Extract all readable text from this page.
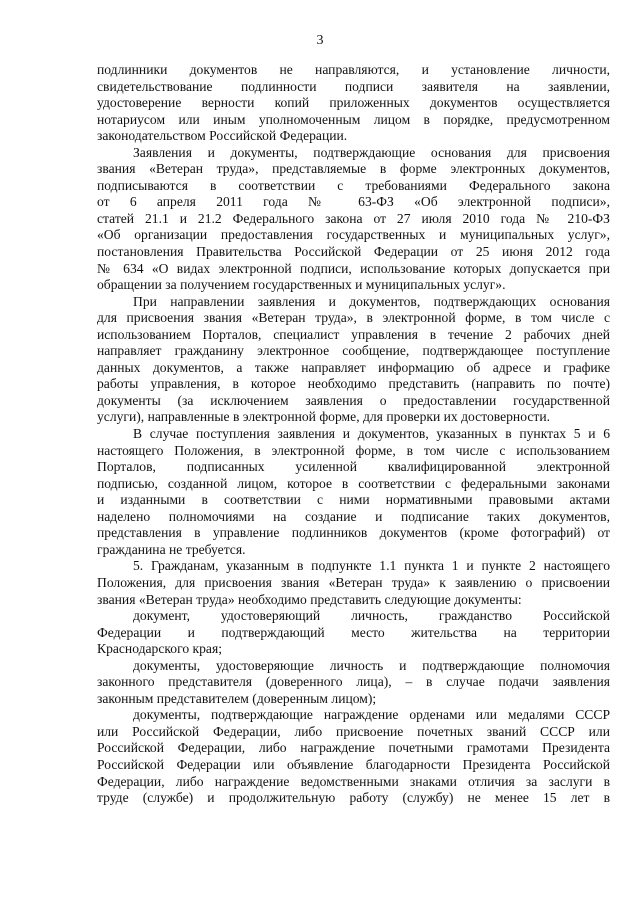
3
подлинники документов не направляются, и установление личности,
свидетельствование подлинности подписи заявителя на заявлении,
удостоверение верности копий приложенных документов осуществляется
нотариусом или иным уполномоченным лицом в порядке, предусмотренном
законодательством Российской Федерации.
Заявления и документы, подтверждающие основания для присвоения
звания «Ветеран труда», представляемые в форме электронных документов,
подписываются в соответствии с требованиями Федерального закона
от 6 апреля 2011 года № 63-ФЗ «Об электронной подписи»,
статей 21.1 и 21.2 Федерального закона от 27 июля 2010 года № 210-ФЗ
«Об организации предоставления государственных и муниципальных услуг»,
постановления Правительства Российской Федерации от 25 июня 2012 года
№ 634 «О видах электронной подписи, использование которых допускается при
обращении за получением государственных и муниципальных услуг».
При направлении заявления и документов, подтверждающих основания
для присвоения звания «Ветеран труда», в электронной форме, в том числе с
использованием Порталов, специалист управления в течение 2 рабочих дней
направляет гражданину электронное сообщение, подтверждающее поступление
данных документов, а также направляет информацию об адресе и графике
работы управления, в которое необходимо представить (направить по почте)
документы (за исключением заявления о предоставлении государственной
услуги), направленные в электронной форме, для проверки их достоверности.
В случае поступления заявления и документов, указанных в пунктах 5 и 6
настоящего Положения, в электронной форме, в том числе с использованием
Порталов, подписанных усиленной квалифицированной электронной
подписью, созданной лицом, которое в соответствии с федеральными законами
и изданными в соответствии с ними нормативными правовыми актами
наделено полномочиями на создание и подписание таких документов,
представления в управление подлинников документов (кроме фотографий) от
гражданина не требуется.
5. Гражданам, указанным в подпункте 1.1 пункта 1 и пункте 2 настоящего
Положения, для присвоения звания «Ветеран труда» к заявлению о присвоении
звания «Ветеран труда» необходимо представить следующие документы:
документ, удостоверяющий личность, гражданство Российской
Федерации и подтверждающий место жительства на территории
Краснодарского края;
документы, удостоверяющие личность и подтверждающие полномочия
законного представителя (доверенного лица), – в случае подачи заявления
законным представителем (доверенным лицом);
документы, подтверждающие награждение орденами или медалями СССР
или Российской Федерации, либо присвоение почетных званий СССР или
Российской Федерации, либо награждение почетными грамотами Президента
Российской Федерации или объявление благодарности Президента Российской
Федерации, либо награждение ведомственными знаками отличия за заслуги в
труде (службе) и продолжительную работу (службу) не менее 15 лет в
